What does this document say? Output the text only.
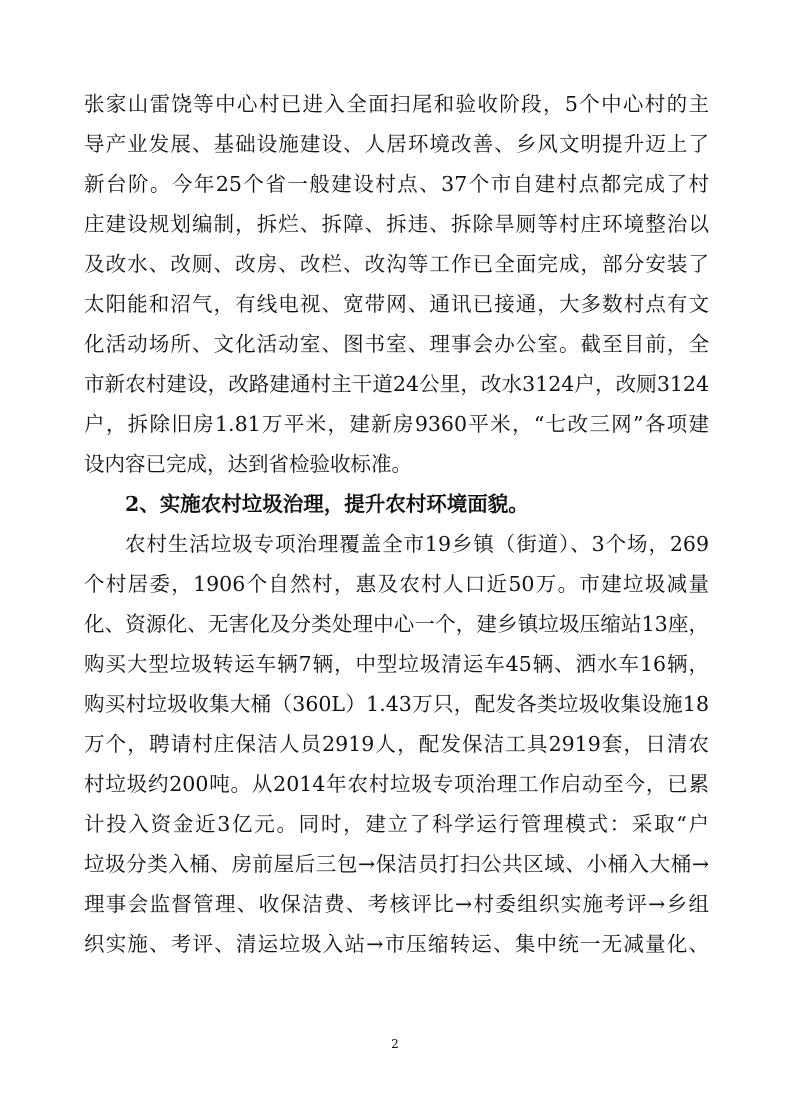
张家山雷饶等中心村已进入全面扫尾和验收阶段，5个中心村的主
导产业发展、基础设施建设、人居环境改善、乡风文明提升迈上了
新台阶。今年25个省一般建设村点、37个市自建村点都完成了村
庄建设规划编制，拆烂、拆障、拆违、拆除旱厕等村庄环境整治以
及改水、改厕、改房、改栏、改沟等工作已全面完成，部分安装了
太阳能和沼气，有线电视、宽带网、通讯已接通，大多数村点有文
化活动场所、文化活动室、图书室、理事会办公室。截至目前，全
市新农村建设，改路建通村主干道24公里，改水3124户，改厕3124
户，拆除旧房1.81万平米，建新房9360平米，“七改三网”各项建
设内容已完成，达到省检验收标准。
2、实施农村垃圾治理，提升农村环境面貌。
农村生活垃圾专项治理覆盖全市19乡镇（街道）、3个场，269
个村居委，1906个自然村，惠及农村人口近50万。市建垃圾减量
化、资源化、无害化及分类处理中心一个，建乡镇垃圾压缩站13座，
购买大型垃圾转运车辆7辆，中型垃圾清运车45辆、洒水车16辆，
购买村垃圾收集大桶（360L）1.43万只，配发各类垃圾收集设施18
万个，聘请村庄保洁人员2919人，配发保洁工具2919套，日清农
村垃圾约200吨。从2014年农村垃圾专项治理工作启动至今，已累
计投入资金近3亿元。同时，建立了科学运行管理模式：采取“户
垃圾分类入桶、房前屋后三包→保洁员打扫公共区域、小桶入大桶→
理事会监督管理、收保洁费、考核评比→村委组织实施考评→乡组
织实施、考评、清运垃圾入站→市压缩转运、集中统一无减量化、
2
